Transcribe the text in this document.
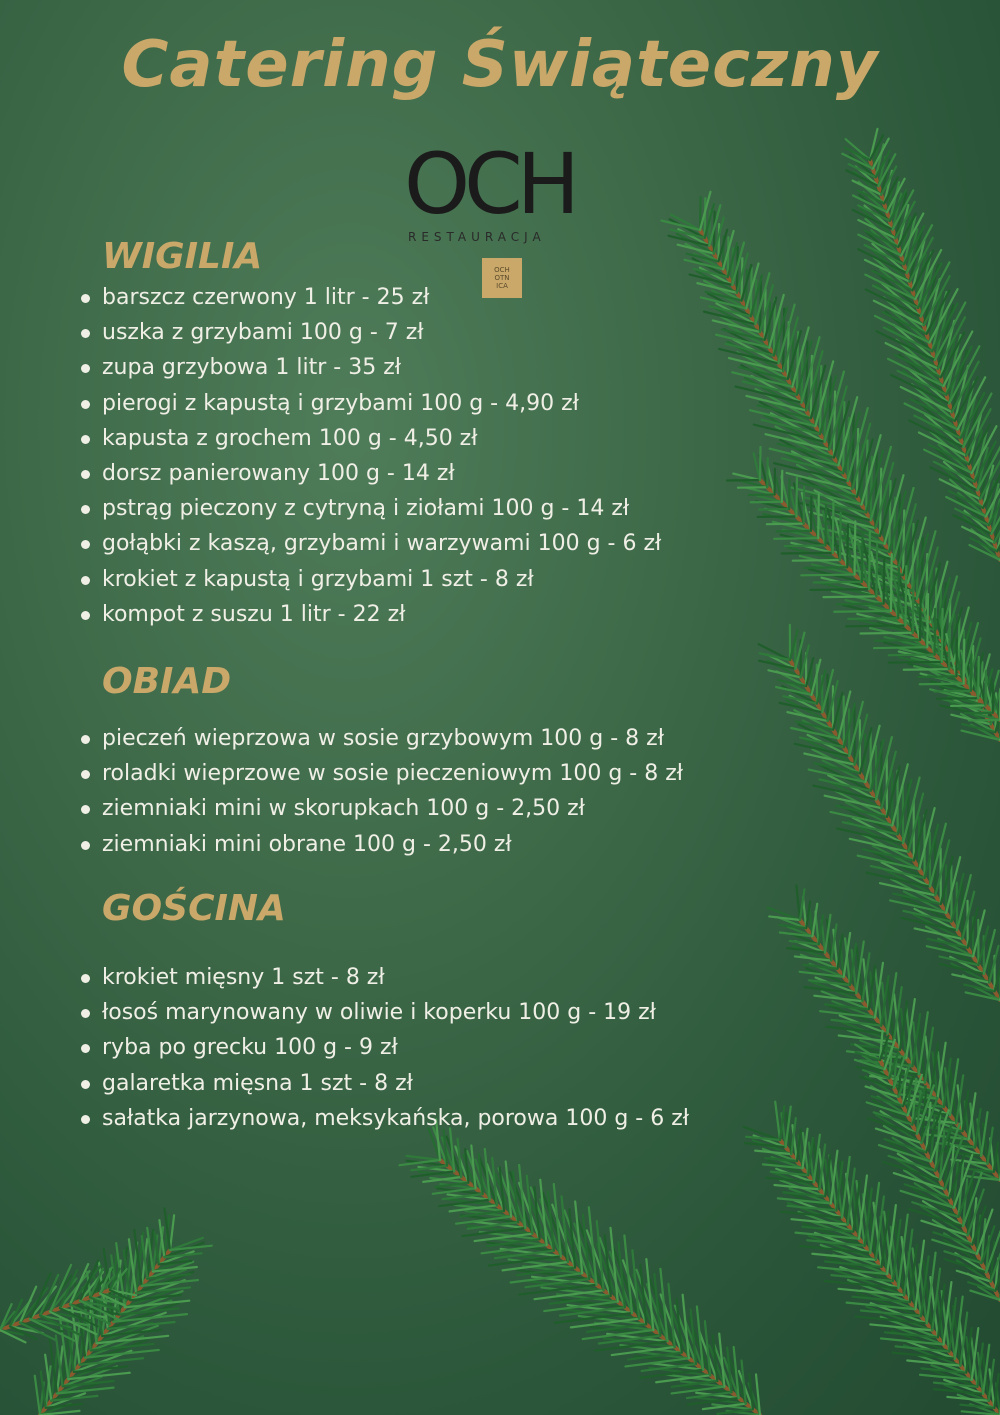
Catering Świąteczny
OCH
RESTAURACJA
OCH
OTN
ICA
WIGILIA
barszcz czerwony 1 litr - 25 zł
uszka z grzybami 100 g - 7 zł
zupa grzybowa 1 litr - 35 zł
pierogi z kapustą i grzybami 100 g - 4,90 zł
kapusta z grochem 100 g - 4,50 zł
dorsz panierowany 100 g - 14 zł
pstrąg pieczony z cytryną i ziołami 100 g - 14 zł
gołąbki z kaszą, grzybami i warzywami 100 g - 6 zł
krokiet z kapustą i grzybami 1 szt - 8 zł
kompot z suszu 1 litr - 22 zł
OBIAD
pieczeń wieprzowa w sosie grzybowym 100 g - 8 zł
roladki wieprzowe w sosie pieczeniowym 100 g - 8 zł
ziemniaki mini w skorupkach 100 g - 2,50 zł
ziemniaki mini obrane 100 g - 2,50 zł
GOŚCINA
krokiet mięsny 1 szt - 8 zł
łosoś marynowany w oliwie i koperku 100 g - 19 zł
ryba po grecku 100 g - 9 zł
galaretka mięsna 1 szt - 8 zł
sałatka jarzynowa, meksykańska, porowa 100 g - 6 zł
